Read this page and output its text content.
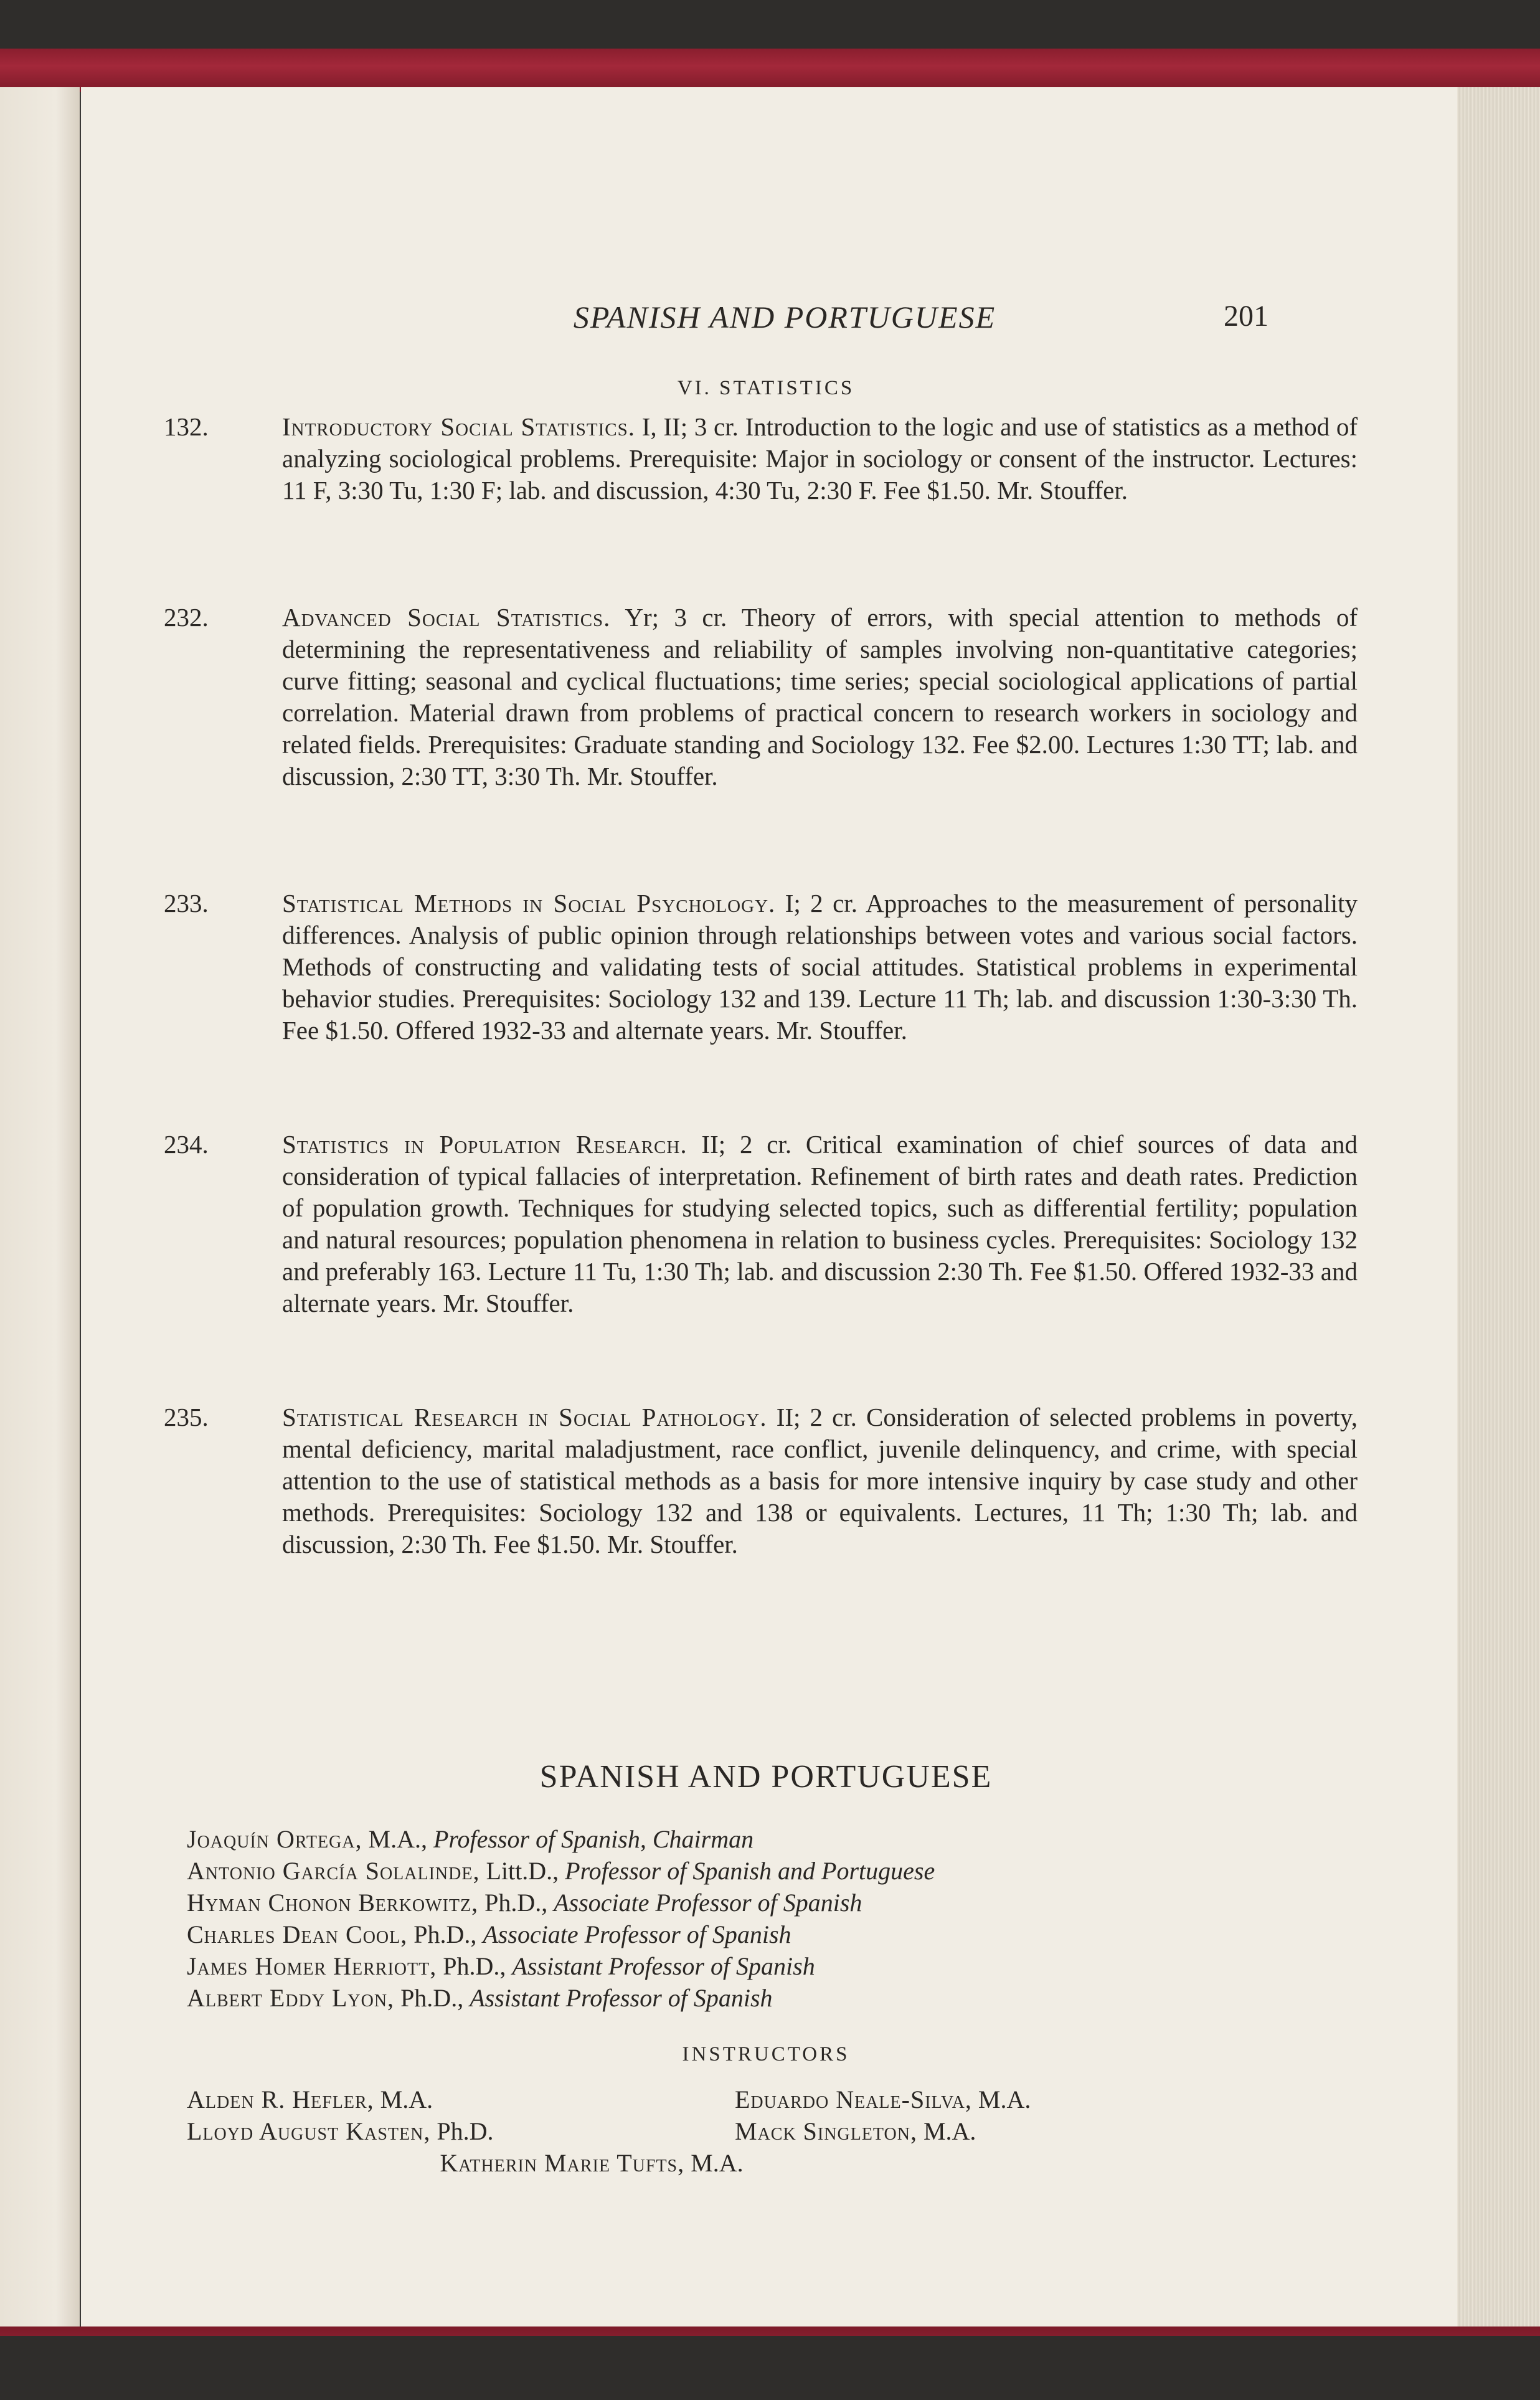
SPANISH AND PORTUGUESE	201
VI. STATISTICS
132.	Introductory Social Statistics. I, II; 3 cr. Introduction to the logic and use of statistics as a method of analyzing sociological problems. Prerequisite: Major in sociology or consent of the instructor. Lectures: 11 F, 3:30 Tu, 1:30 F; lab. and discussion, 4:30 Tu, 2:30 F. Fee $1.50. Mr. Stouffer.
232.	Advanced Social Statistics. Yr; 3 cr. Theory of errors, with special attention to methods of determining the representativeness and reliability of samples involving non-quantitative categories; curve fitting; seasonal and cyclical fluctuations; time series; special sociological applications of partial correlation. Material drawn from problems of practical concern to research workers in sociology and related fields. Prerequisites: Graduate standing and Sociology 132. Fee $2.00. Lectures 1:30 TT; lab. and discussion, 2:30 TT, 3:30 Th. Mr. Stouffer.
233.	Statistical Methods in Social Psychology. I; 2 cr. Approaches to the measurement of personality differences. Analysis of public opinion through relationships between votes and various social factors. Methods of constructing and validating tests of social attitudes. Statistical problems in experimental behavior studies. Prerequisites: Sociology 132 and 139. Lecture 11 Th; lab. and discussion 1:30-3:30 Th. Fee $1.50. Offered 1932-33 and alternate years. Mr. Stouffer.
234.	Statistics in Population Research. II; 2 cr. Critical examination of chief sources of data and consideration of typical fallacies of interpretation. Refinement of birth rates and death rates. Prediction of population growth. Techniques for studying selected topics, such as differential fertility; population and natural resources; population phenomena in relation to business cycles. Prerequisites: Sociology 132 and preferably 163. Lecture 11 Tu, 1:30 Th; lab. and discussion 2:30 Th. Fee $1.50. Offered 1932-33 and alternate years. Mr. Stouffer.
235.	Statistical Research in Social Pathology. II; 2 cr. Consideration of selected problems in poverty, mental deficiency, marital maladjustment, race conflict, juvenile delinquency, and crime, with special attention to the use of statistical methods as a basis for more intensive inquiry by case study and other methods. Prerequisites: Sociology 132 and 138 or equivalents. Lectures, 11 Th; 1:30 Th; lab. and discussion, 2:30 Th. Fee $1.50. Mr. Stouffer.
SPANISH AND PORTUGUESE
Joaquín Ortega, M.A., Professor of Spanish, Chairman
Antonio García Solalinde, Litt.D., Professor of Spanish and Portuguese
Hyman Chonon Berkowitz, Ph.D., Associate Professor of Spanish
Charles Dean Cool, Ph.D., Associate Professor of Spanish
James Homer Herriott, Ph.D., Assistant Professor of Spanish
Albert Eddy Lyon, Ph.D., Assistant Professor of Spanish
INSTRUCTORS
Alden R. Hefler, M.A.	Eduardo Neale-Silva, M.A.
Lloyd August Kasten, Ph.D.	Mack Singleton, M.A.
Katherin Marie Tufts, M.A.
